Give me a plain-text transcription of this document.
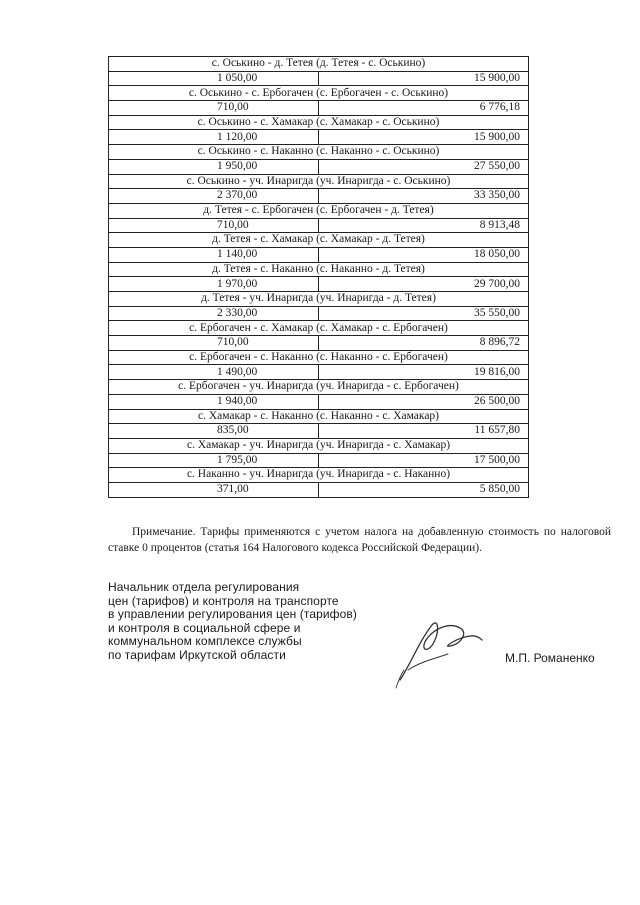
с. Оськино - д. Тетея (д. Тетея - с. Оськино)	
1 050,00	15 900,00
с. Оськино - с. Ербогачен (с. Ербогачен - с. Оськино)	
710,00	6 776,18
с. Оськино - с. Хамакар (с. Хамакар - с. Оськино)	
1 120,00	15 900,00
с. Оськино - с. Наканно (с. Наканно - с. Оськино)	
1 950,00	27 550,00
с. Оськино - уч. Инаригда (уч. Инаригда - с. Оськино)	
2 370,00	33 350,00
д. Тетея - с. Ербогачен (с. Ербогачен - д. Тетея)	
710,00	8 913,48
д. Тетея - с. Хамакар (с. Хамакар - д. Тетея)	
1 140,00	18 050,00
д. Тетея - с. Наканно (с. Наканно - д. Тетея)	
1 970,00	29 700,00
д. Тетея - уч. Инаригда (уч. Инаригда - д. Тетея)	
2 330,00	35 550,00
с. Ербогачен - с. Хамакар (с. Хамакар - с. Ербогачен)	
710,00	8 896,72
с. Ербогачен - с. Наканно (с. Наканно - с. Ербогачен)	
1 490,00	19 816,00
с. Ербогачен - уч. Инаригда (уч. Инаригда - с. Ербогачен)	
1 940,00	26 500,00
с. Хамакар - с. Наканно (с. Наканно - с. Хамакар)	
835,00	11 657,80
с. Хамакар - уч. Инаригда (уч. Инаригда - с. Хамакар)	
1 795,00	17 500,00
с. Наканно - уч. Инаригда (уч. Инаригда - с. Наканно)	
371,00	5 850,00

Примечание. Тарифы применяются с учетом налога на добавленную стоимость по налоговой ставке 0 процентов (статья 164 Налогового кодекса Российской Федерации).

Начальник отдела регулирования
цен (тарифов) и контроля на транспорте
в управлении регулирования цен (тарифов)
и контроля в социальной сфере и
коммунальном комплексе службы
по тарифам Иркутской области	М.П. Романенко
